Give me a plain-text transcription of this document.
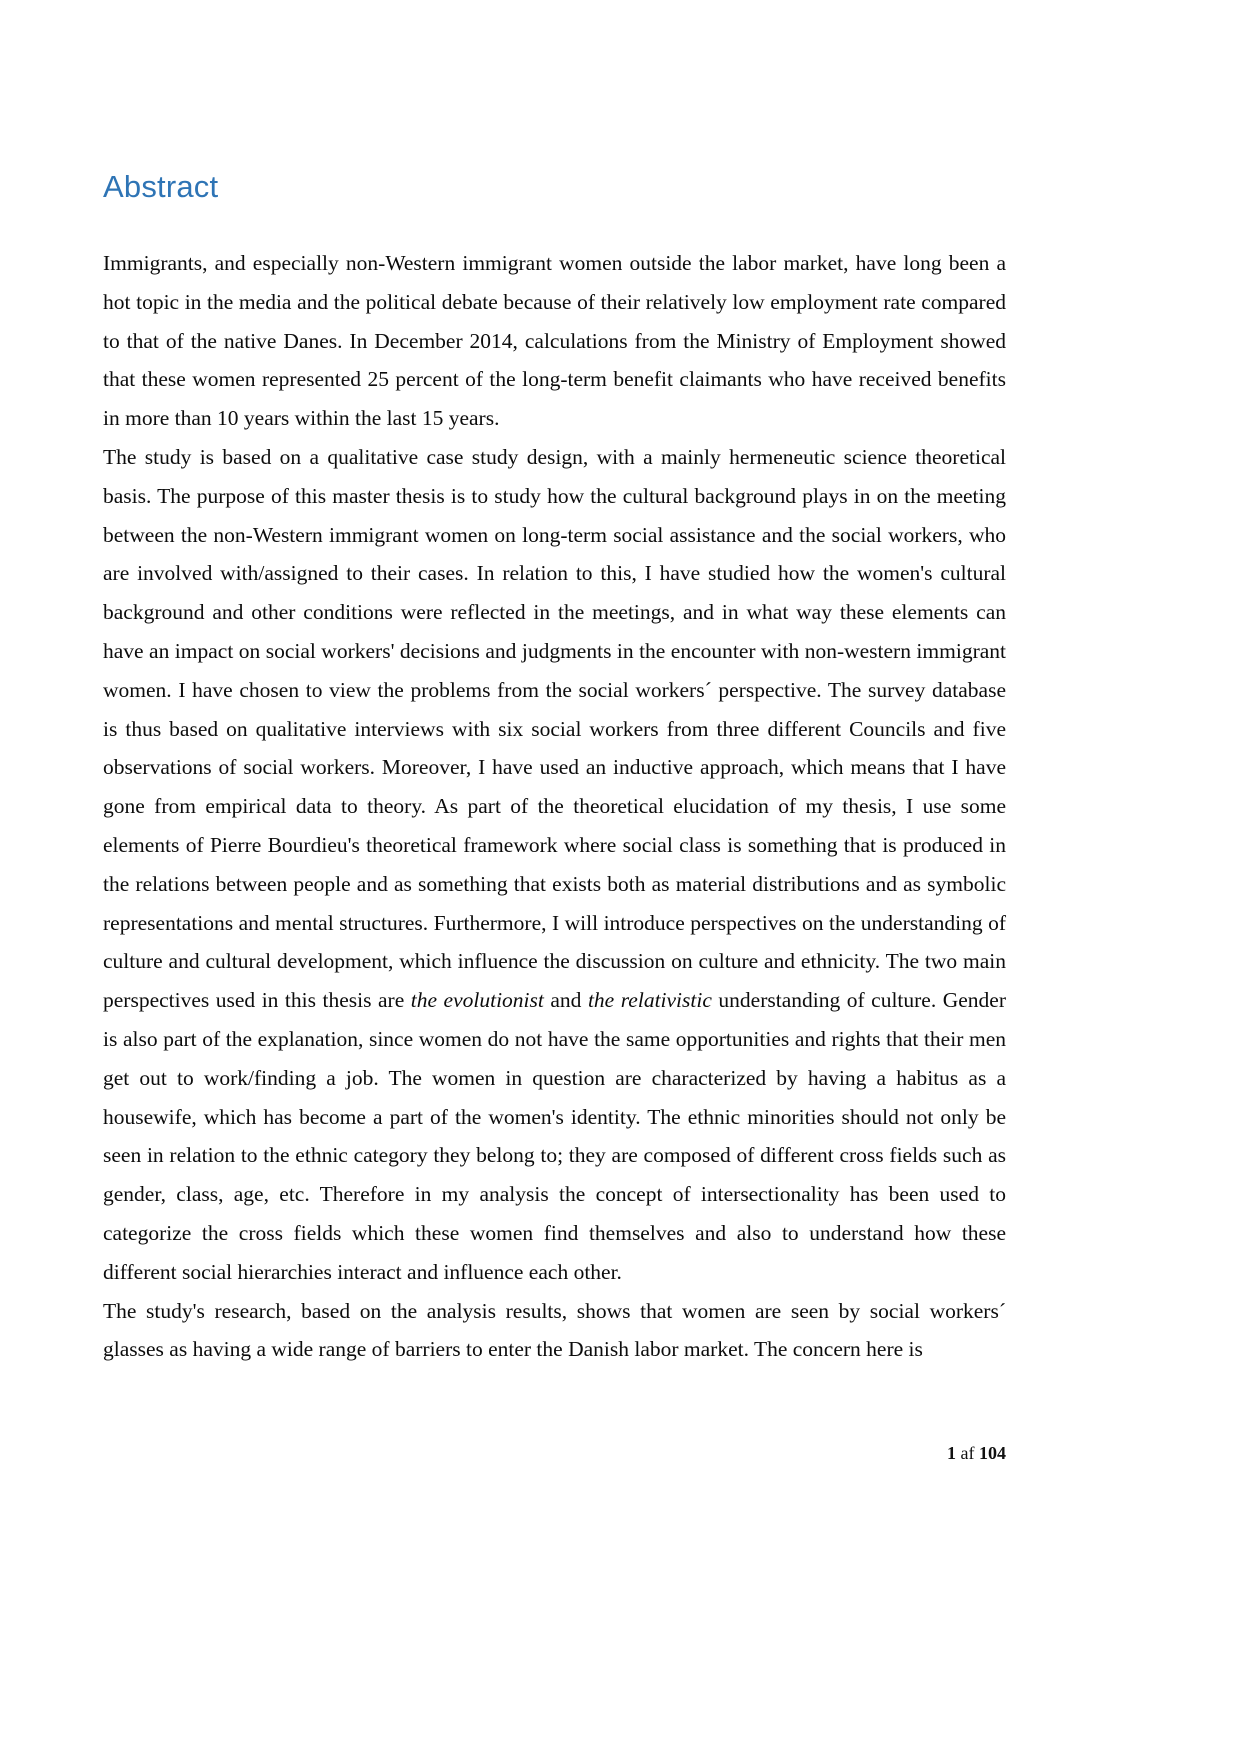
Abstract

Immigrants, and especially non-Western immigrant women outside the labor market, have long been a hot topic in the media and the political debate because of their relatively low employment rate compared to that of the native Danes. In December 2014, calculations from the Ministry of Employment showed that these women represented 25 percent of the long-term benefit claimants who have received benefits in more than 10 years within the last 15 years.

The study is based on a qualitative case study design, with a mainly hermeneutic science theoretical basis. The purpose of this master thesis is to study how the cultural background plays in on the meeting between the non-Western immigrant women on long-term social assistance and the social workers, who are involved with/assigned to their cases. In relation to this, I have studied how the women's cultural background and other conditions were reflected in the meetings, and in what way these elements can have an impact on social workers' decisions and judgments in the encounter with non-western immigrant women. I have chosen to view the problems from the social workers´ perspective. The survey database is thus based on qualitative interviews with six social workers from three different Councils and five observations of social workers. Moreover, I have used an inductive approach, which means that I have gone from empirical data to theory. As part of the theoretical elucidation of my thesis, I use some elements of Pierre Bourdieu's theoretical framework where social class is something that is produced in the relations between people and as something that exists both as material distributions and as symbolic representations and mental structures. Furthermore, I will introduce perspectives on the understanding of culture and cultural development, which influence the discussion on culture and ethnicity. The two main perspectives used in this thesis are the evolutionist and the relativistic understanding of culture. Gender is also part of the explanation, since women do not have the same opportunities and rights that their men get out to work/finding a job. The women in question are characterized by having a habitus as a housewife, which has become a part of the women's identity. The ethnic minorities should not only be seen in relation to the ethnic category they belong to; they are composed of different cross fields such as gender, class, age, etc. Therefore in my analysis the concept of intersectionality has been used to categorize the cross fields which these women find themselves and also to understand how these different social hierarchies interact and influence each other.

The study's research, based on the analysis results, shows that women are seen by social workers´ glasses as having a wide range of barriers to enter the Danish labor market. The concern here is

1 af 104
